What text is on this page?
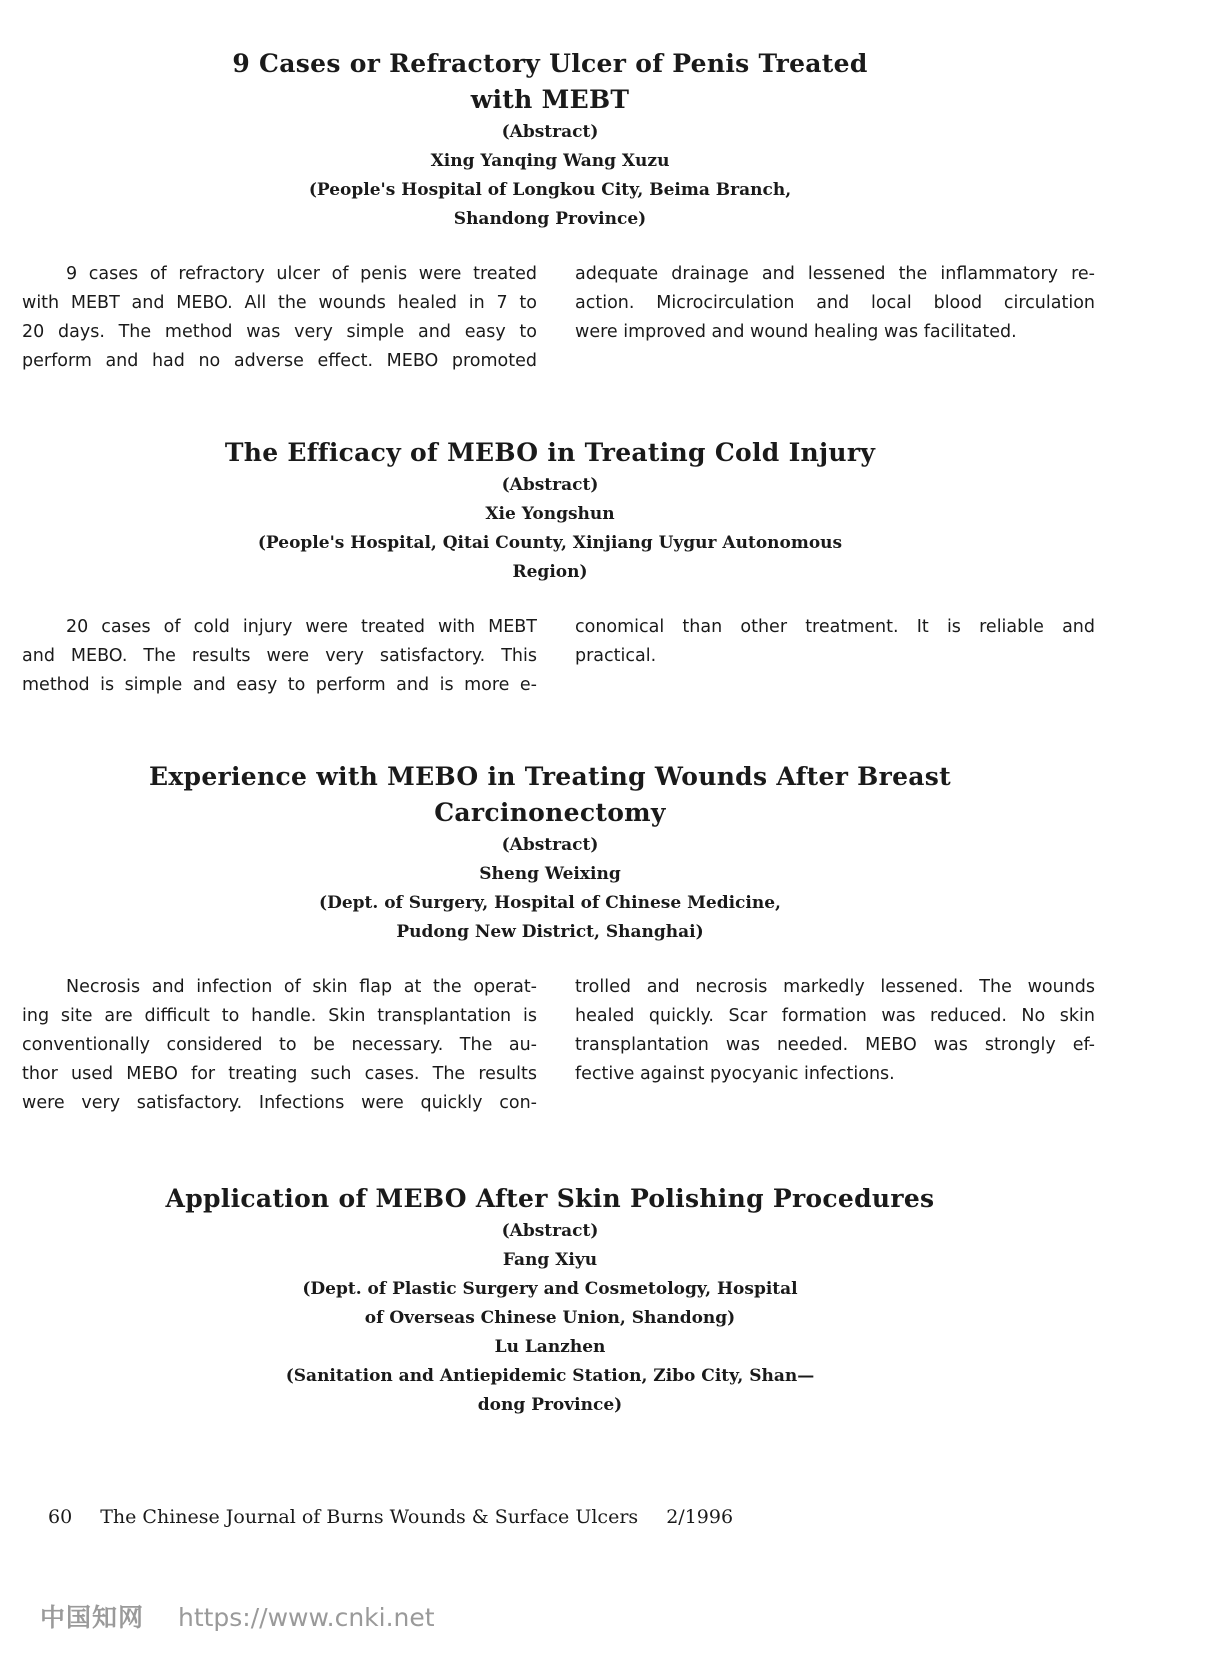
9 Cases or Refractory Ulcer of Penis Treated
with MEBT
(Abstract)
Xing Yanqing Wang Xuzu
(People's Hospital of Longkou City, Beima Branch,
Shandong Province)
9 cases of refractory ulcer of penis were treated
with MEBT and MEBO. All the wounds healed in 7 to
20 days. The method was very simple and easy to
perform and had no adverse effect. MEBO promoted
adequate drainage and lessened the inflammatory re-
action. Microcirculation and local blood circulation
were improved and wound healing was facilitated.
The Efficacy of MEBO in Treating Cold Injury
(Abstract)
Xie Yongshun
(People's Hospital, Qitai County, Xinjiang Uygur Autonomous
Region)
20 cases of cold injury were treated with MEBT
and MEBO. The results were very satisfactory. This
method is simple and easy to perform and is more e-
conomical than other treatment. It is reliable and
practical.
Experience with MEBO in Treating Wounds After Breast
Carcinonectomy
(Abstract)
Sheng Weixing
(Dept. of Surgery, Hospital of Chinese Medicine,
Pudong New District, Shanghai)
Necrosis and infection of skin flap at the operat-
ing site are difficult to handle. Skin transplantation is
conventionally considered to be necessary. The au-
thor used MEBO for treating such cases. The results
were very satisfactory. Infections were quickly con-
trolled and necrosis markedly lessened. The wounds
healed quickly. Scar formation was reduced. No skin
transplantation was needed. MEBO was strongly ef-
fective against pyocyanic infections.
Application of MEBO After Skin Polishing Procedures
(Abstract)
Fang Xiyu
(Dept. of Plastic Surgery and Cosmetology, Hospital
of Overseas Chinese Union, Shandong)
Lu Lanzhen
(Sanitation and Antiepidemic Station, Zibo City, Shan—
dong Province)
60 The Chinese Journal of Burns Wounds & Surface Ulcers 2/1996
中国知网 https://www.cnki.net
